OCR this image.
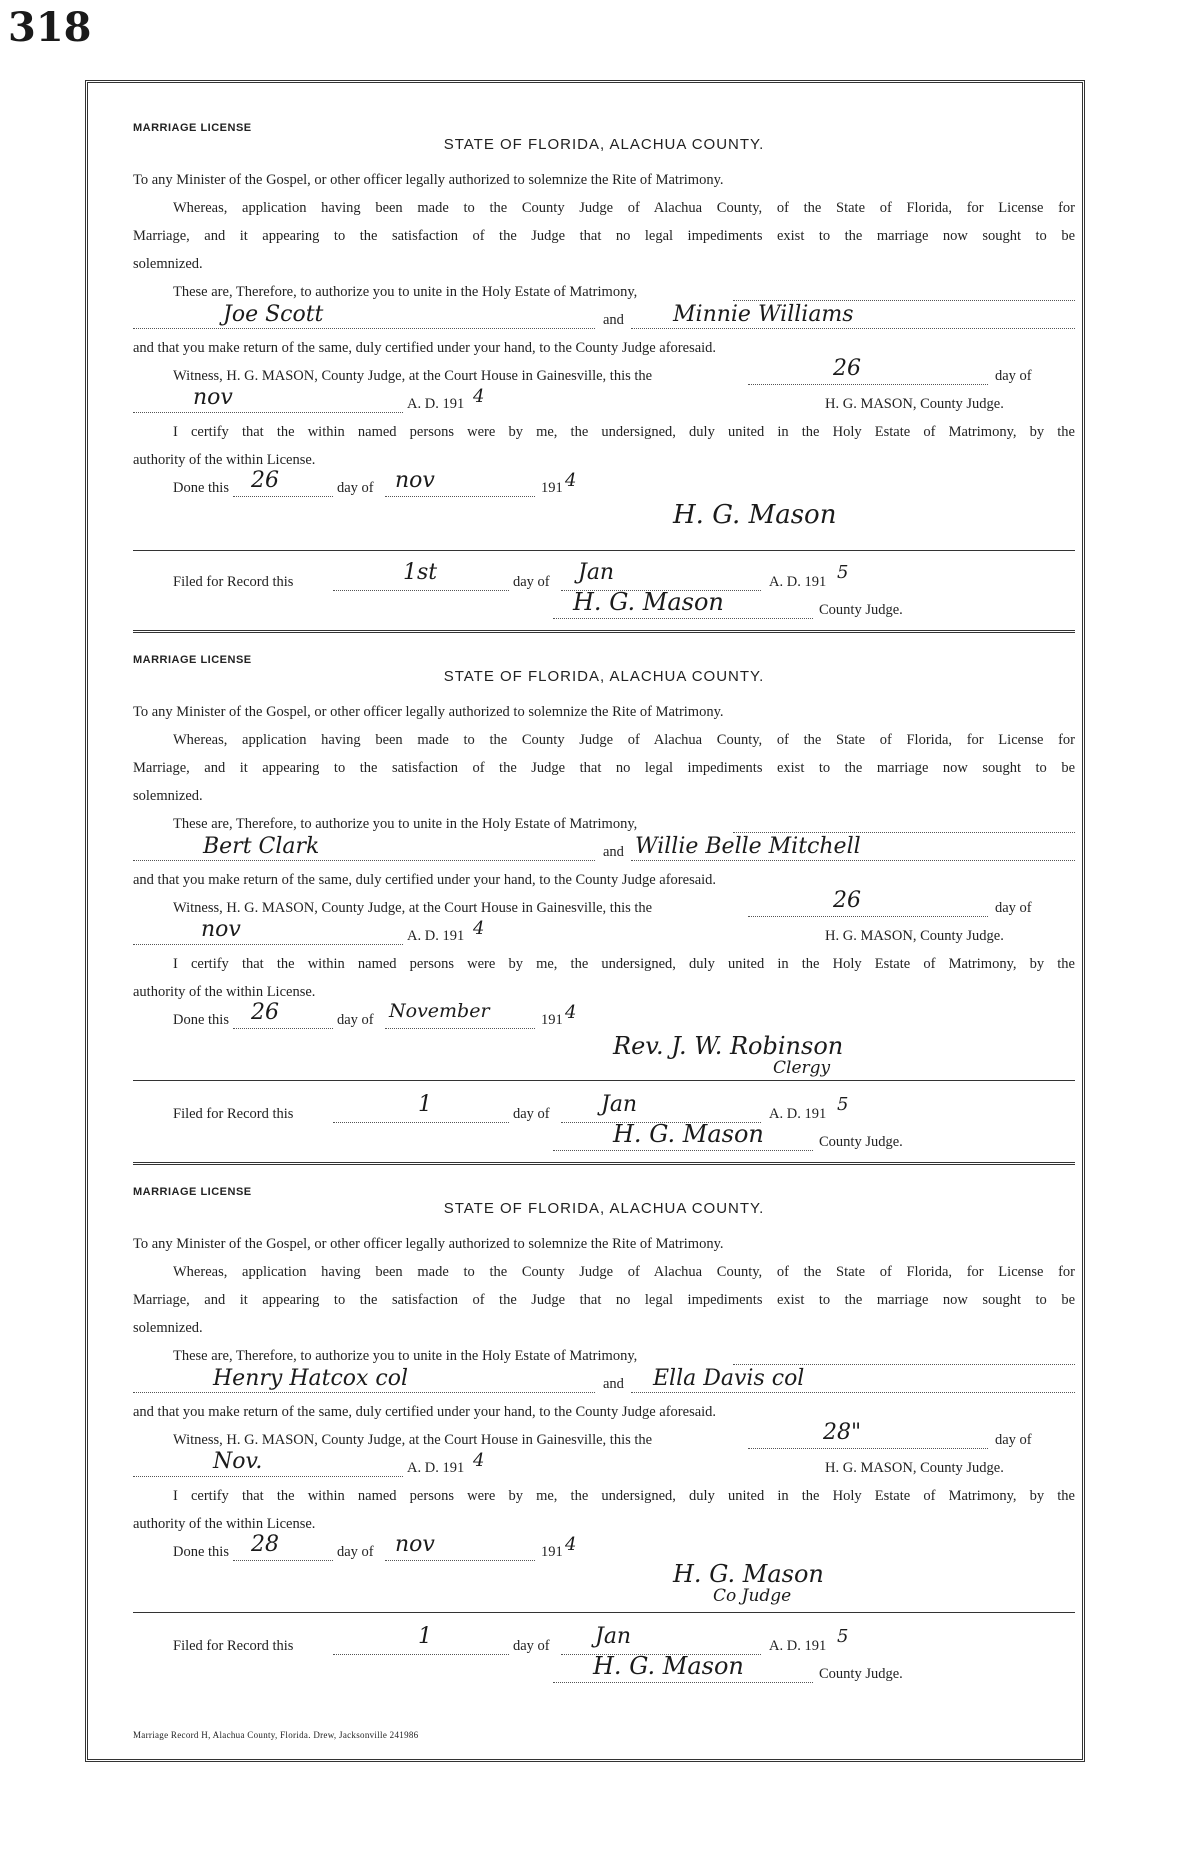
318
MARRIAGE LICENSE
STATE OF FLORIDA, ALACHUA COUNTY.
To any Minister of the Gospel, or other officer legally authorized to solemnize the Rite of Matrimony.
Whereas, application having been made to the County Judge of Alachua County, of the State of Florida, for License for
Marriage, and it appearing to the satisfaction of the Judge that no legal impediments exist to the marriage now sought to be
solemnized.
These are, Therefore, to authorize you to unite in the Holy Estate of Matrimony,
Joe Scott	and Minnie Williams
and that you make return of the same, duly certified under your hand, to the County Judge aforesaid.
Witness, H. G. MASON, County Judge, at the Court House in Gainesville, this the	26	day of
nov	A. D. 191 4	H. G. MASON, County Judge.
I certify that the within named persons were by me, the undersigned, duly united in the Holy Estate of Matrimony, by the
authority of the within License.
Done this 26	day of nov	191 4
H. G. Mason
Filed for Record this	1st	day of Jan	A. D. 191 5
H. G. Mason	County Judge.
MARRIAGE LICENSE
STATE OF FLORIDA, ALACHUA COUNTY.
To any Minister of the Gospel, or other officer legally authorized to solemnize the Rite of Matrimony.
Whereas, application having been made to the County Judge of Alachua County, of the State of Florida, for License for
Marriage, and it appearing to the satisfaction of the Judge that no legal impediments exist to the marriage now sought to be
solemnized.
These are, Therefore, to authorize you to unite in the Holy Estate of Matrimony,
Bert Clark	and Willie Belle Mitchell
and that you make return of the same, duly certified under your hand, to the County Judge aforesaid.
Witness, H. G. MASON, County Judge, at the Court House in Gainesville, this the	26	day of
nov	A. D. 191 4	H. G. MASON, County Judge.
I certify that the within named persons were by me, the undersigned, duly united in the Holy Estate of Matrimony, by the
authority of the within License.
Done this 26	day of November	191 4
Rev. J. W. Robinson
Clergy
Filed for Record this	1	day of Jan	A. D. 191 5
H. G. Mason	County Judge.
MARRIAGE LICENSE
STATE OF FLORIDA, ALACHUA COUNTY.
To any Minister of the Gospel, or other officer legally authorized to solemnize the Rite of Matrimony.
Whereas, application having been made to the County Judge of Alachua County, of the State of Florida, for License for
Marriage, and it appearing to the satisfaction of the Judge that no legal impediments exist to the marriage now sought to be
solemnized.
These are, Therefore, to authorize you to unite in the Holy Estate of Matrimony,
Henry Hatcox col	and Ella Davis col
and that you make return of the same, duly certified under your hand, to the County Judge aforesaid.
Witness, H. G. MASON, County Judge, at the Court House in Gainesville, this the	28"	day of
Nov.	A. D. 191 4	H. G. MASON, County Judge.
I certify that the within named persons were by me, the undersigned, duly united in the Holy Estate of Matrimony, by the
authority of the within License.
Done this 28	day of nov	191 4
H. G. Mason
Co Judge
Filed for Record this	1	day of Jan	A. D. 191 5
H. G. Mason	County Judge.
Marriage Record H, Alachua County, Florida. Drew, Jacksonville 241986
